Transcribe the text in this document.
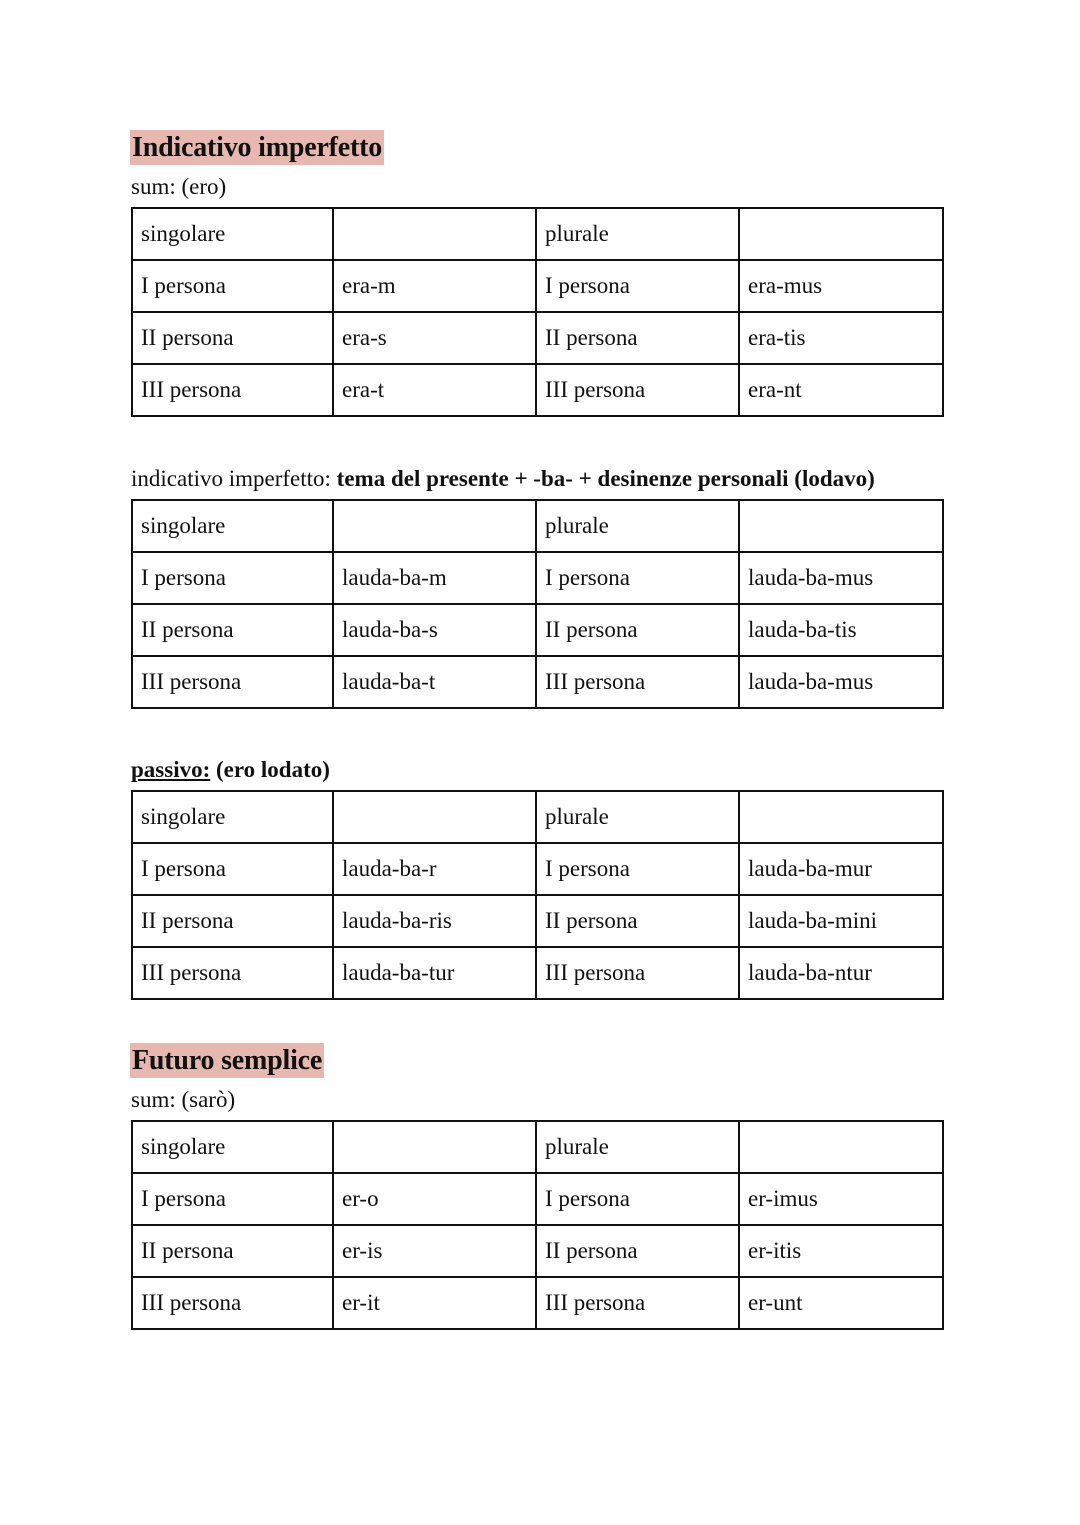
Indicativo imperfetto
sum: (ero)
singolare		plurale	
I persona	era-m	I persona	era-mus
II persona	era-s	II persona	era-tis
III persona	era-t	III persona	era-nt
indicativo imperfetto: tema del presente + -ba- + desinenze personali (lodavo)
singolare		plurale	
I persona	lauda-ba-m	I persona	lauda-ba-mus
II persona	lauda-ba-s	II persona	lauda-ba-tis
III persona	lauda-ba-t	III persona	lauda-ba-mus
passivo: (ero lodato)
singolare		plurale	
I persona	lauda-ba-r	I persona	lauda-ba-mur
II persona	lauda-ba-ris	II persona	lauda-ba-mini
III persona	lauda-ba-tur	III persona	lauda-ba-ntur
Futuro semplice
sum: (sarò)
singolare		plurale	
I persona	er-o	I persona	er-imus
II persona	er-is	II persona	er-itis
III persona	er-it	III persona	er-unt
